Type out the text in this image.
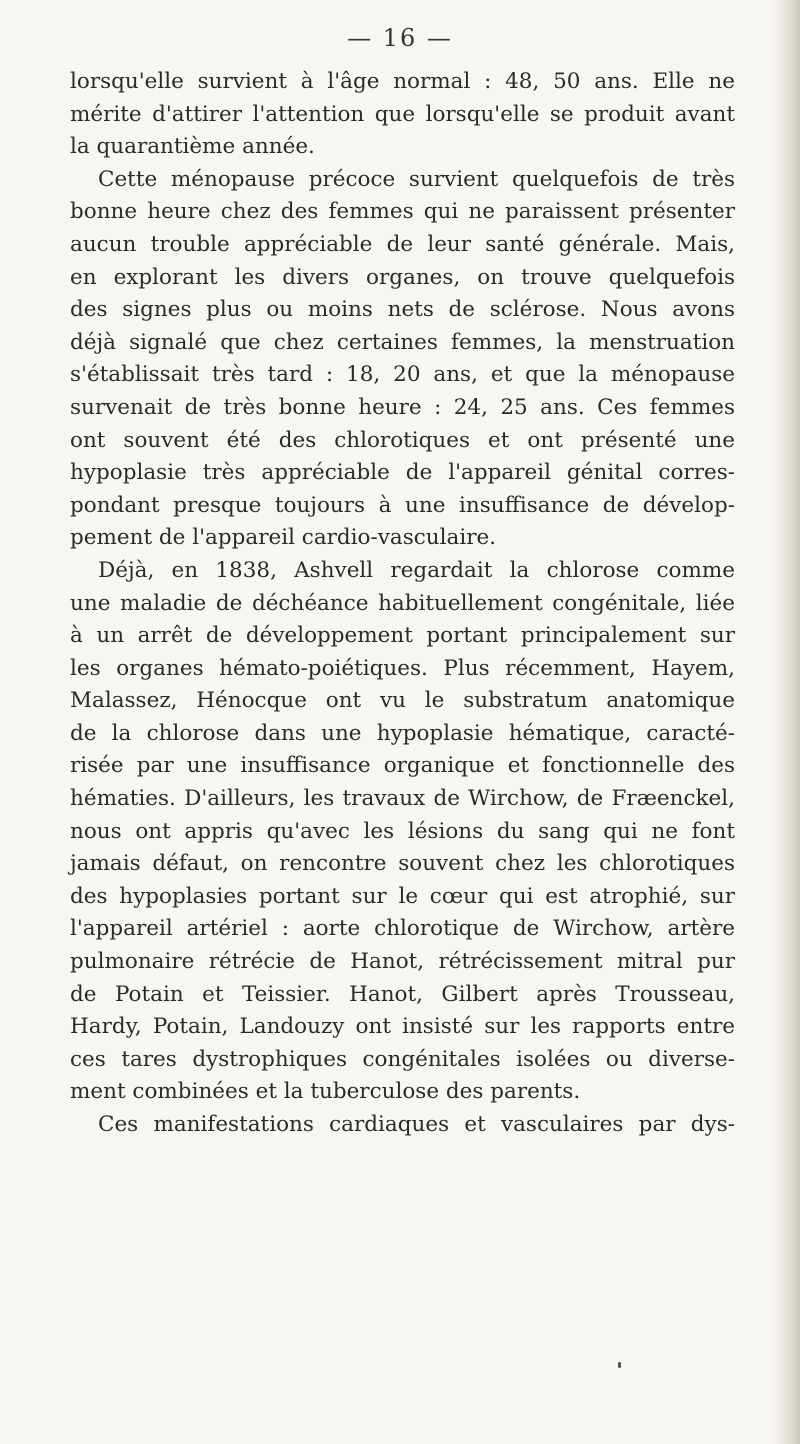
— 16 —
lorsqu'elle survient à l'âge normal : 48, 50 ans. Elle ne
mérite d'attirer l'attention que lorsqu'elle se produit avant
la quarantième année.
Cette ménopause précoce survient quelquefois de très
bonne heure chez des femmes qui ne paraissent présenter
aucun trouble appréciable de leur santé générale. Mais,
en explorant les divers organes, on trouve quelquefois
des signes plus ou moins nets de sclérose. Nous avons
déjà signalé que chez certaines femmes, la menstruation
s'établissait très tard : 18, 20 ans, et que la ménopause
survenait de très bonne heure : 24, 25 ans. Ces femmes
ont souvent été des chlorotiques et ont présenté une
hypoplasie très appréciable de l'appareil génital corres-
pondant presque toujours à une insuffisance de dévelop-
pement de l'appareil cardio-vasculaire.
Déjà, en 1838, Ashvell regardait la chlorose comme
une maladie de déchéance habituellement congénitale, liée
à un arrêt de développement portant principalement sur
les organes hémato-poiétiques. Plus récemment, Hayem,
Malassez, Hénocque ont vu le substratum anatomique
de la chlorose dans une hypoplasie hématique, caracté-
risée par une insuffisance organique et fonctionnelle des
hématies. D'ailleurs, les travaux de Wirchow, de Fræenckel,
nous ont appris qu'avec les lésions du sang qui ne font
jamais défaut, on rencontre souvent chez les chlorotiques
des hypoplasies portant sur le cœur qui est atrophié, sur
l'appareil artériel : aorte chlorotique de Wirchow, artère
pulmonaire rétrécie de Hanot, rétrécissement mitral pur
de Potain et Teissier. Hanot, Gilbert après Trousseau,
Hardy, Potain, Landouzy ont insisté sur les rapports entre
ces tares dystrophiques congénitales isolées ou diverse-
ment combinées et la tuberculose des parents.
Ces manifestations cardiaques et vasculaires par dys-
